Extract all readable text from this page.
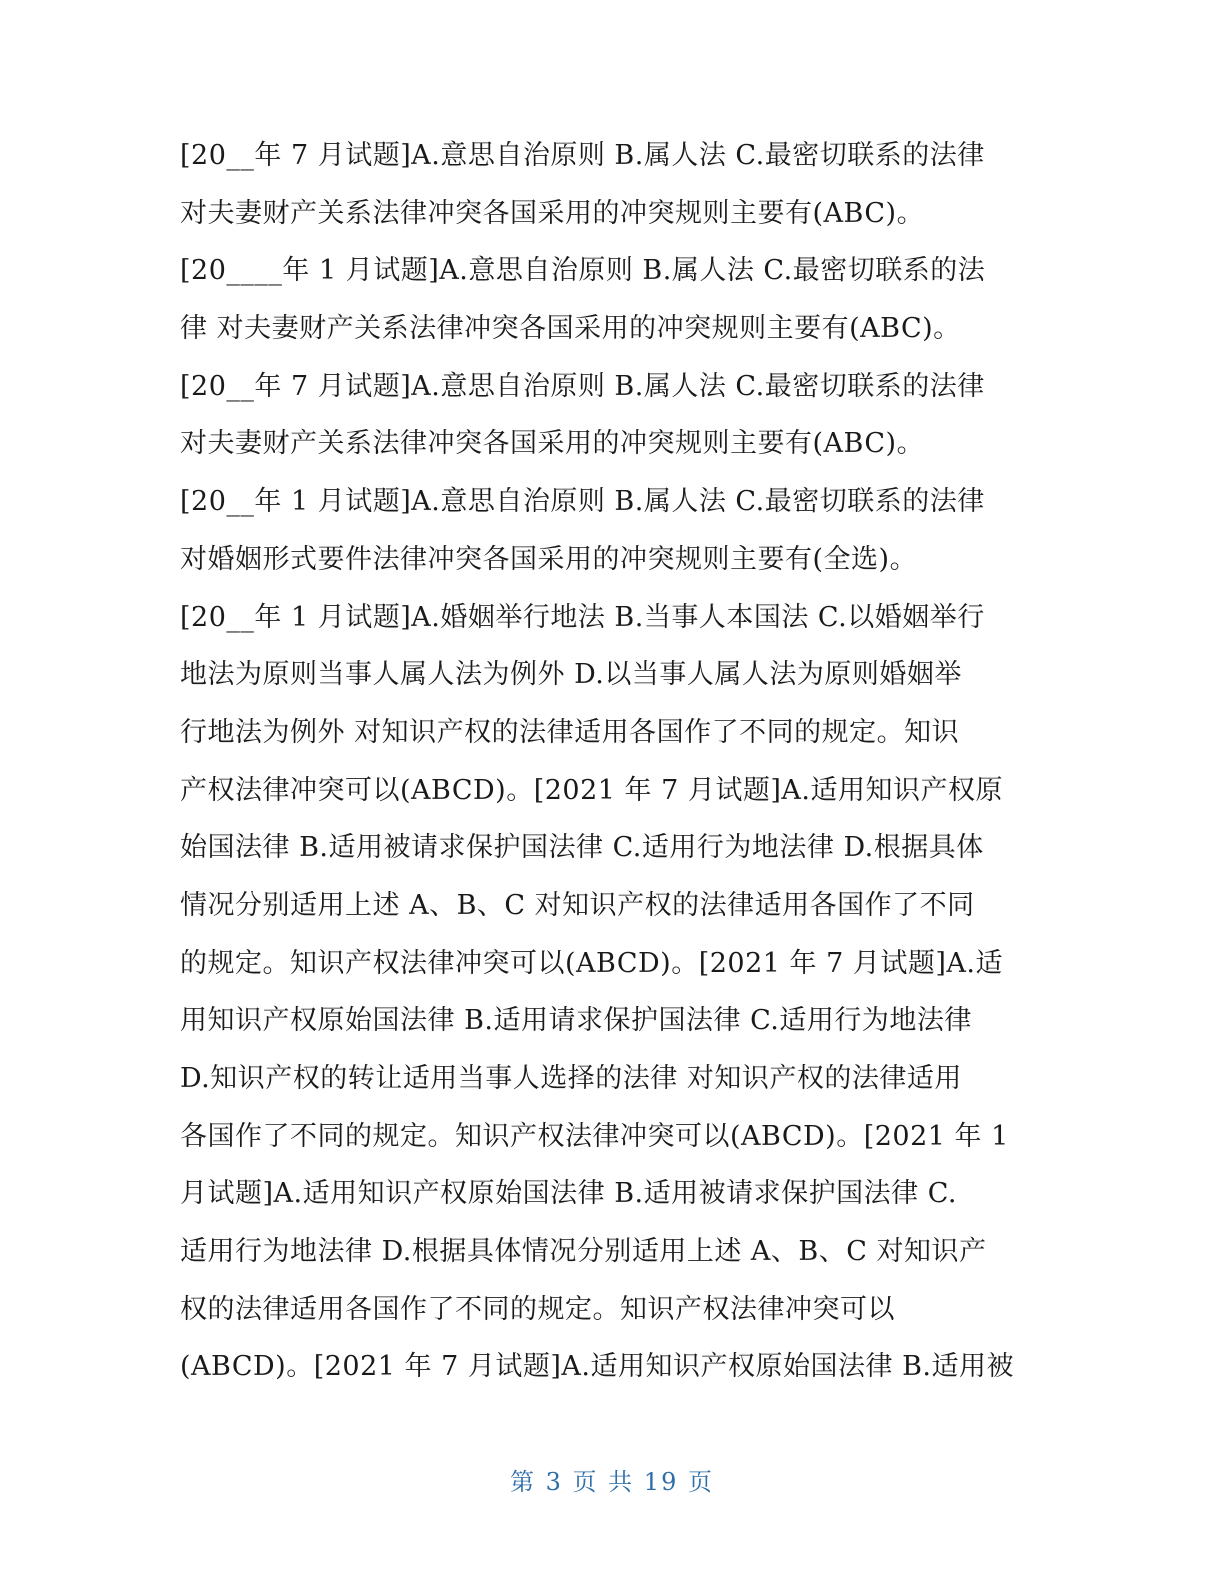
[20__年 7 月试题]A.意思自治原则 B.属人法 C.最密切联系的法律
对夫妻财产关系法律冲突各国采用的冲突规则主要有(ABC)。
[20____年 1 月试题]A.意思自治原则 B.属人法 C.最密切联系的法
律 对夫妻财产关系法律冲突各国采用的冲突规则主要有(ABC)。
[20__年 7 月试题]A.意思自治原则 B.属人法 C.最密切联系的法律
对夫妻财产关系法律冲突各国采用的冲突规则主要有(ABC)。
[20__年 1 月试题]A.意思自治原则 B.属人法 C.最密切联系的法律
对婚姻形式要件法律冲突各国采用的冲突规则主要有(全选)。
[20__年 1 月试题]A.婚姻举行地法 B.当事人本国法 C.以婚姻举行
地法为原则当事人属人法为例外 D.以当事人属人法为原则婚姻举
行地法为例外 对知识产权的法律适用各国作了不同的规定。知识
产权法律冲突可以(ABCD)。[2021 年 7 月试题]A.适用知识产权原
始国法律 B.适用被请求保护国法律 C.适用行为地法律 D.根据具体
情况分别适用上述 A、B、C 对知识产权的法律适用各国作了不同
的规定。知识产权法律冲突可以(ABCD)。[2021 年 7 月试题]A.适
用知识产权原始国法律 B.适用请求保护国法律 C.适用行为地法律
D.知识产权的转让适用当事人选择的法律 对知识产权的法律适用
各国作了不同的规定。知识产权法律冲突可以(ABCD)。[2021 年 1
月试题]A.适用知识产权原始国法律 B.适用被请求保护国法律 C.
适用行为地法律 D.根据具体情况分别适用上述 A、B、C 对知识产
权的法律适用各国作了不同的规定。知识产权法律冲突可以
(ABCD)。[2021 年 7 月试题]A.适用知识产权原始国法律 B.适用被
第 3 页 共 19 页
